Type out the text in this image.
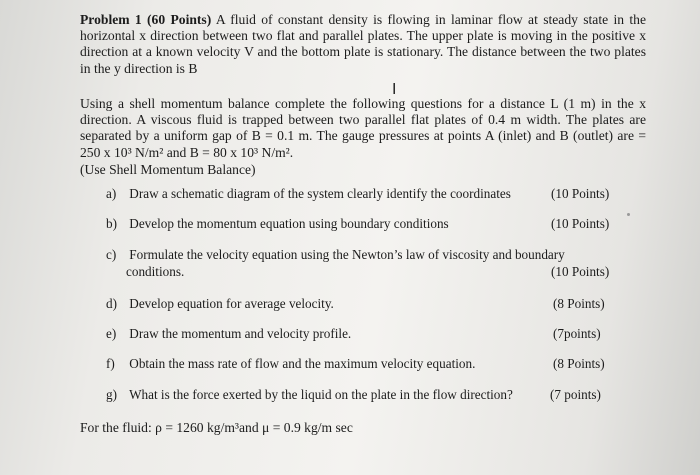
Problem 1 (60 Points) A fluid of constant density is flowing in laminar flow at steady state in the horizontal x direction between two flat and parallel plates. The upper plate is moving in the positive x direction at a known velocity V and the bottom plate is stationary. The distance between the two plates in the y direction is B
I
Using a shell momentum balance complete the following questions for a distance L (1 m) in the x direction. A viscous fluid is trapped between two parallel flat plates of 0.4 m width. The plates are separated by a uniform gap of B = 0.1 m. The gauge pressures at points A (inlet) and B (outlet) are = 250 x 10³ N/m² and B = 80 x 10³ N/m².
(Use Shell Momentum Balance)
a) Draw a schematic diagram of the system clearly identify the coordinates	(10 Points)
b) Develop the momentum equation using boundary conditions	(10 Points)
c) Formulate the velocity equation using the Newton’s law of viscosity and boundary
conditions.	(10 Points)
d) Develop equation for average velocity.	(8 Points)
e) Draw the momentum and velocity profile.	(7points)
f) Obtain the mass rate of flow and the maximum velocity equation.	(8 Points)
g) What is the force exerted by the liquid on the plate in the flow direction?	(7 points)
For the fluid: ρ = 1260 kg/m³and μ = 0.9 kg/m sec
